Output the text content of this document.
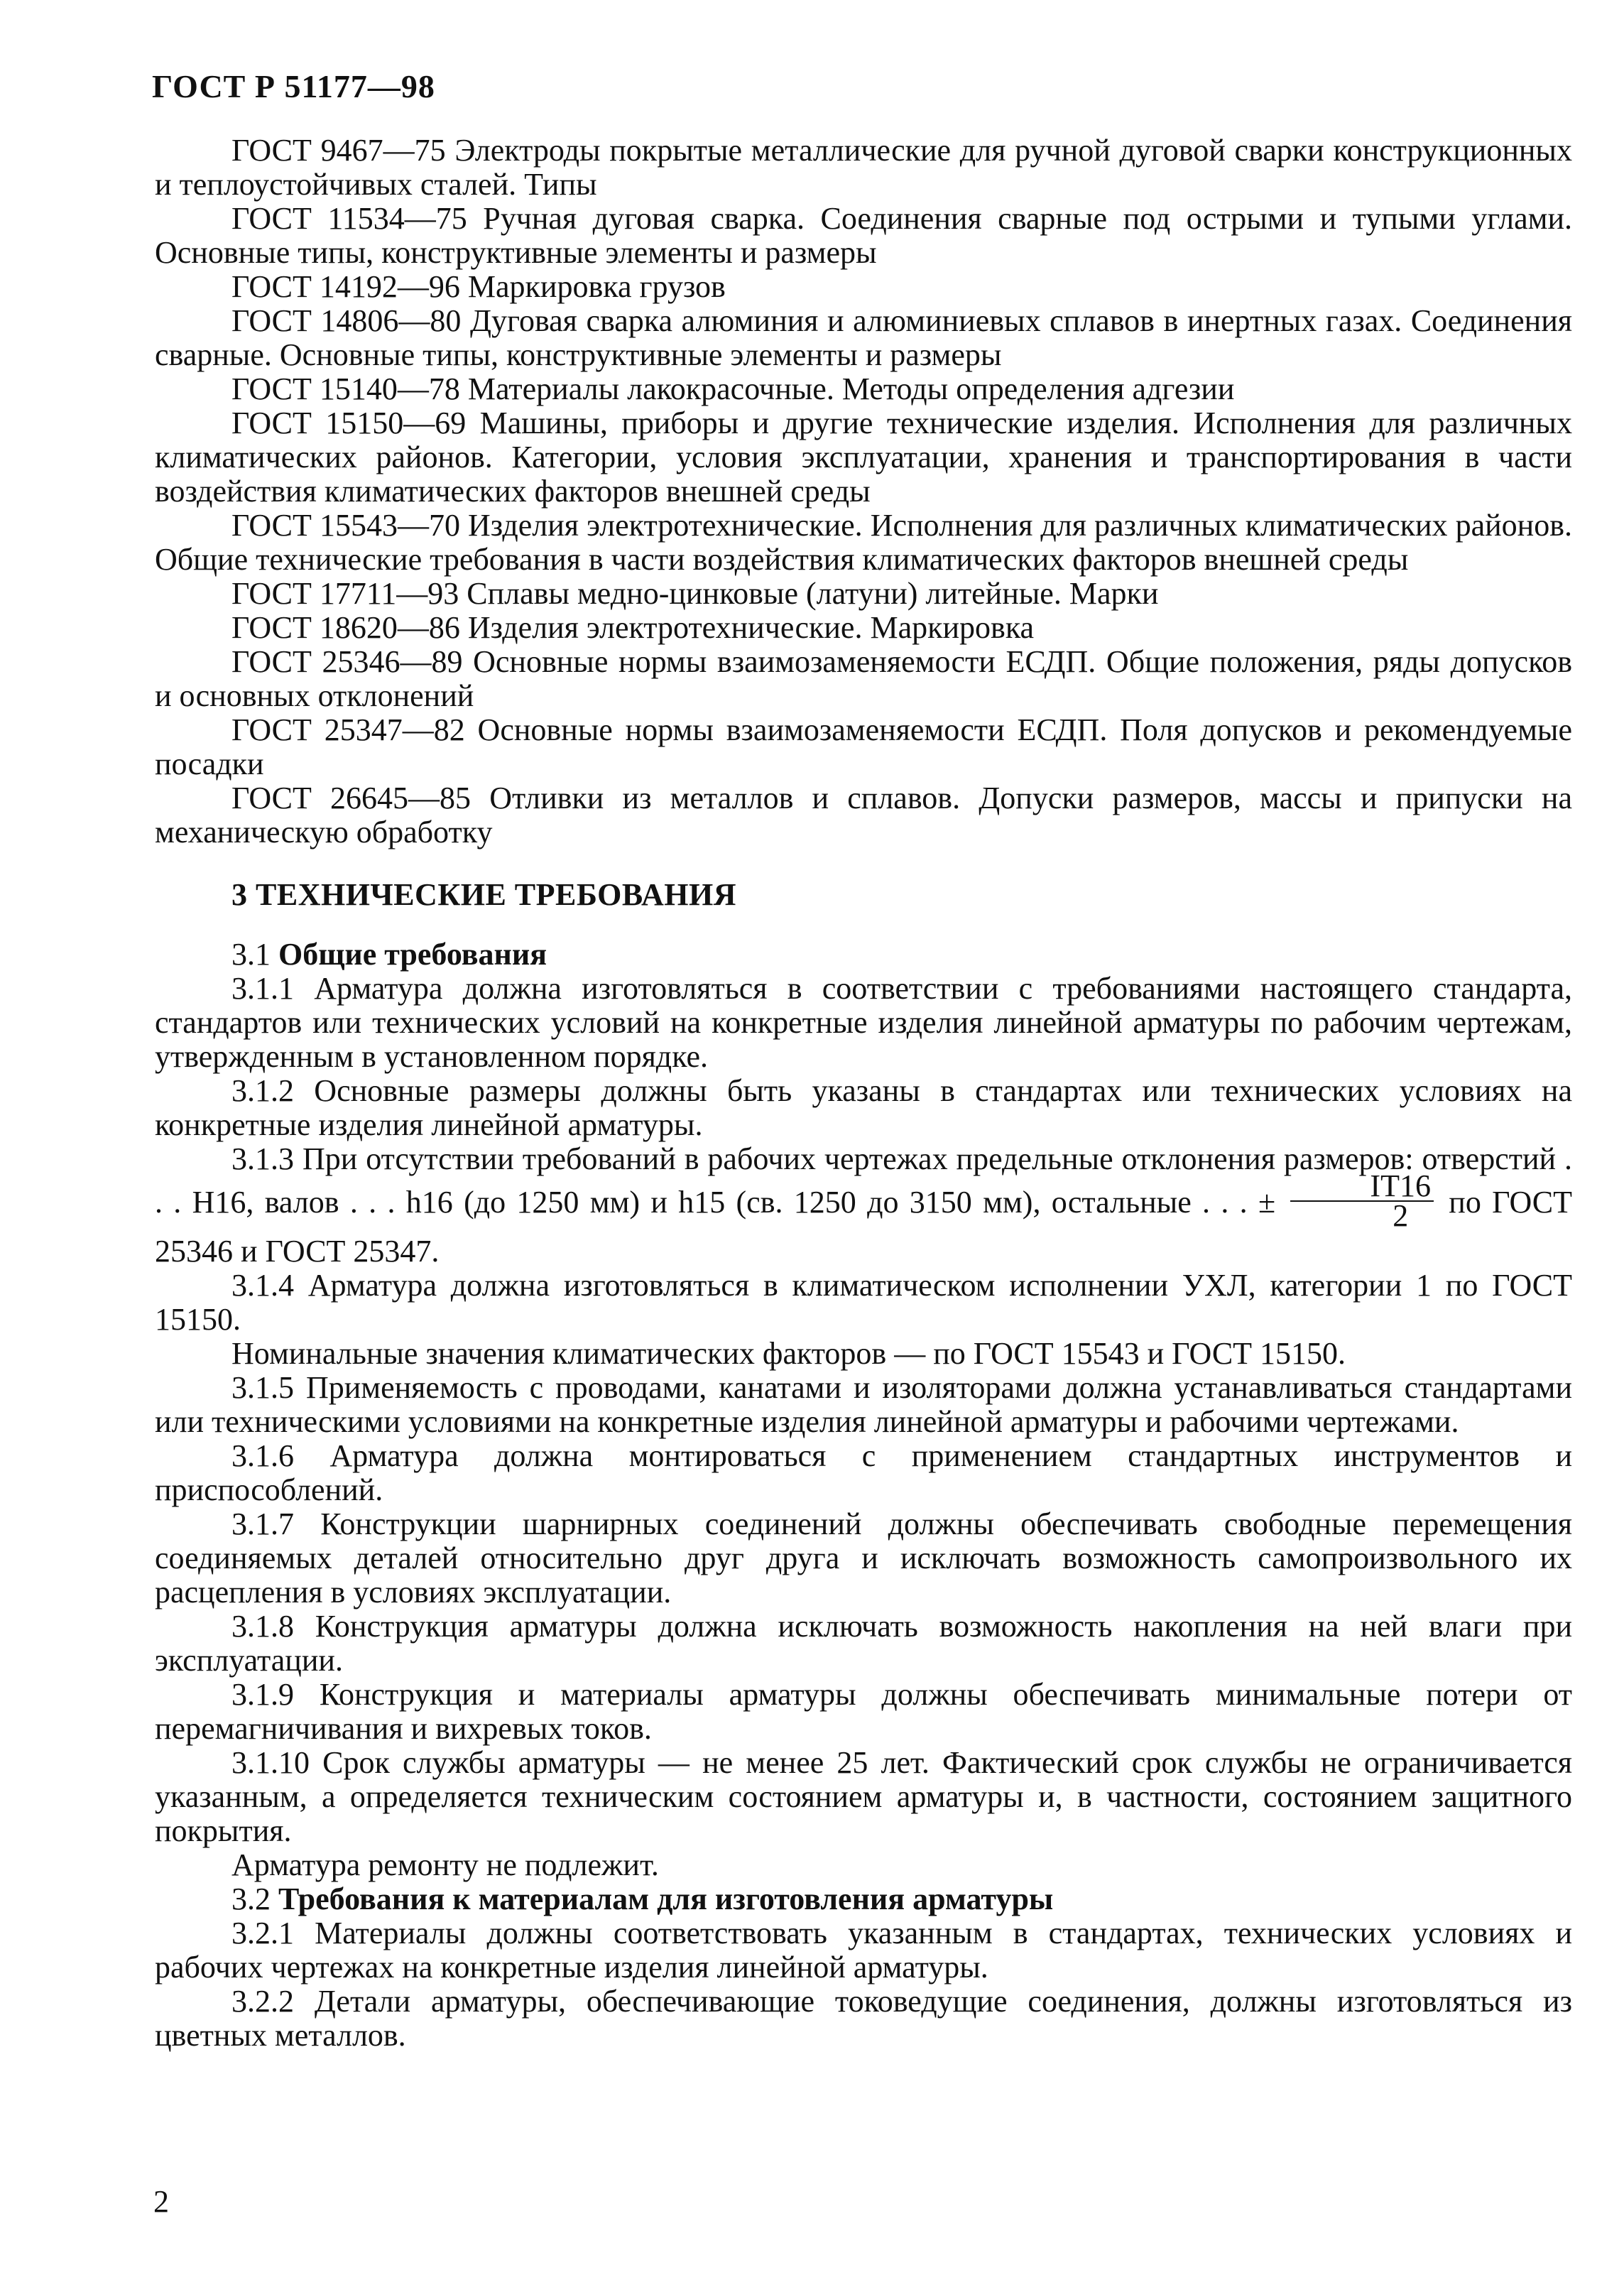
ГОСТ Р 51177—98

ГОСТ 9467—75 Электроды покрытые металлические для ручной дуговой сварки конструкционных и теплоустойчивых сталей. Типы

ГОСТ 11534—75 Ручная дуговая сварка. Соединения сварные под острыми и тупыми углами. Основные типы, конструктивные элементы и размеры

ГОСТ 14192—96 Маркировка грузов

ГОСТ 14806—80 Дуговая сварка алюминия и алюминиевых сплавов в инертных газах. Соединения сварные. Основные типы, конструктивные элементы и размеры

ГОСТ 15140—78 Материалы лакокрасочные. Методы определения адгезии

ГОСТ 15150—69 Машины, приборы и другие технические изделия. Исполнения для различных климатических районов. Категории, условия эксплуатации, хранения и транспортирования в части воздействия климатических факторов внешней среды

ГОСТ 15543—70 Изделия электротехнические. Исполнения для различных климатических районов. Общие технические требования в части воздействия климатических факторов внешней среды

ГОСТ 17711—93 Сплавы медно-цинковые (латуни) литейные. Марки

ГОСТ 18620—86 Изделия электротехнические. Маркировка

ГОСТ 25346—89 Основные нормы взаимозаменяемости ЕСДП. Общие положения, ряды допусков и основных отклонений

ГОСТ 25347—82 Основные нормы взаимозаменяемости ЕСДП. Поля допусков и рекомендуемые посадки

ГОСТ 26645—85 Отливки из металлов и сплавов. Допуски размеров, массы и припуски на механическую обработку

3 ТЕХНИЧЕСКИЕ ТРЕБОВАНИЯ

3.1 Общие требования

3.1.1 Арматура должна изготовляться в соответствии с требованиями настоящего стандарта, стандартов или технических условий на конкретные изделия линейной арматуры по рабочим чертежам, утвержденным в установленном порядке.

3.1.2 Основные размеры должны быть указаны в стандартах или технических условиях на конкретные изделия линейной арматуры.

3.1.3 При отсутствии требований в рабочих чертежах предельные отклонения размеров: отверстий . . . H16, валов . . . h16 (до 1250 мм) и h15 (св. 1250 до 3150 мм), остальные . . . ± $\frac{IT16}{2}$ по ГОСТ 25346 и ГОСТ 25347.

3.1.4 Арматура должна изготовляться в климатическом исполнении УХЛ, категории 1 по ГОСТ 15150.

Номинальные значения климатических факторов — по ГОСТ 15543 и ГОСТ 15150.

3.1.5 Применяемость с проводами, канатами и изоляторами должна устанавливаться стандартами или техническими условиями на конкретные изделия линейной арматуры и рабочими чертежами.

3.1.6 Арматура должна монтироваться с применением стандартных инструментов и приспособлений.

3.1.7 Конструкции шарнирных соединений должны обеспечивать свободные перемещения соединяемых деталей относительно друг друга и исключать возможность самопроизвольного их расцепления в условиях эксплуатации.

3.1.8 Конструкция арматуры должна исключать возможность накопления на ней влаги при эксплуатации.

3.1.9 Конструкция и материалы арматуры должны обеспечивать минимальные потери от перемагничивания и вихревых токов.

3.1.10 Срок службы арматуры — не менее 25 лет. Фактический срок службы не ограничивается указанным, а определяется техническим состоянием арматуры и, в частности, состоянием защитного покрытия.

Арматура ремонту не подлежит.

3.2 Требования к материалам для изготовления арматуры

3.2.1 Материалы должны соответствовать указанным в стандартах, технических условиях и рабочих чертежах на конкретные изделия линейной арматуры.

3.2.2 Детали арматуры, обеспечивающие токоведущие соединения, должны изготовляться из цветных металлов.

2
